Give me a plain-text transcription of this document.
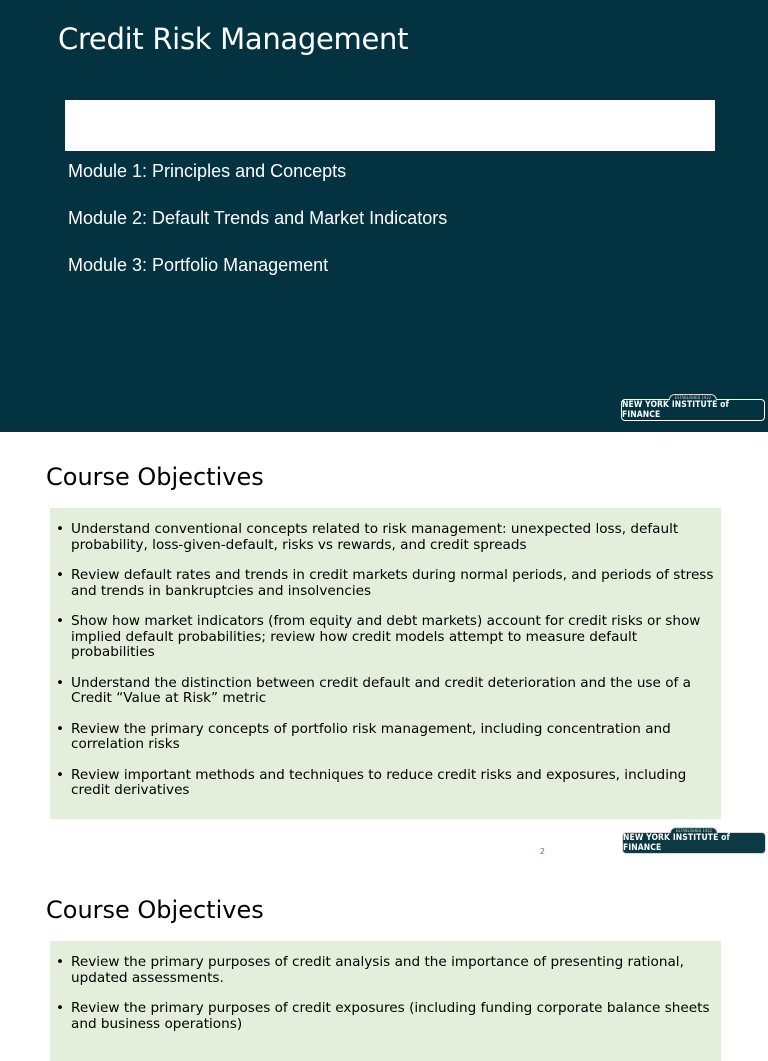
Credit Risk Management
Module 1: Principles and Concepts
Module 2: Default Trends and Market Indicators
Module 3: Portfolio Management
ESTABLISHED 1922
NEW YORK INSTITUTE of FINANCE
Course Objectives
• Understand conventional concepts related to risk management: unexpected loss, default probability, loss-given-default, risks vs rewards, and credit spreads
• Review default rates and trends in credit markets during normal periods, and periods of stress and trends in bankruptcies and insolvencies
• Show how market indicators (from equity and debt markets) account for credit risks or show implied default probabilities; review how credit models attempt to measure default probabilities
• Understand the distinction between credit default and credit deterioration and the use of a Credit “Value at Risk” metric
• Review the primary concepts of portfolio risk management, including concentration and correlation risks
• Review important methods and techniques to reduce credit risks and exposures, including credit derivatives
2
ESTABLISHED 1922
NEW YORK INSTITUTE of FINANCE
Course Objectives
• Review the primary purposes of credit analysis and the importance of presenting rational, updated assessments.
• Review the primary purposes of credit exposures (including funding corporate balance sheets and business operations)
